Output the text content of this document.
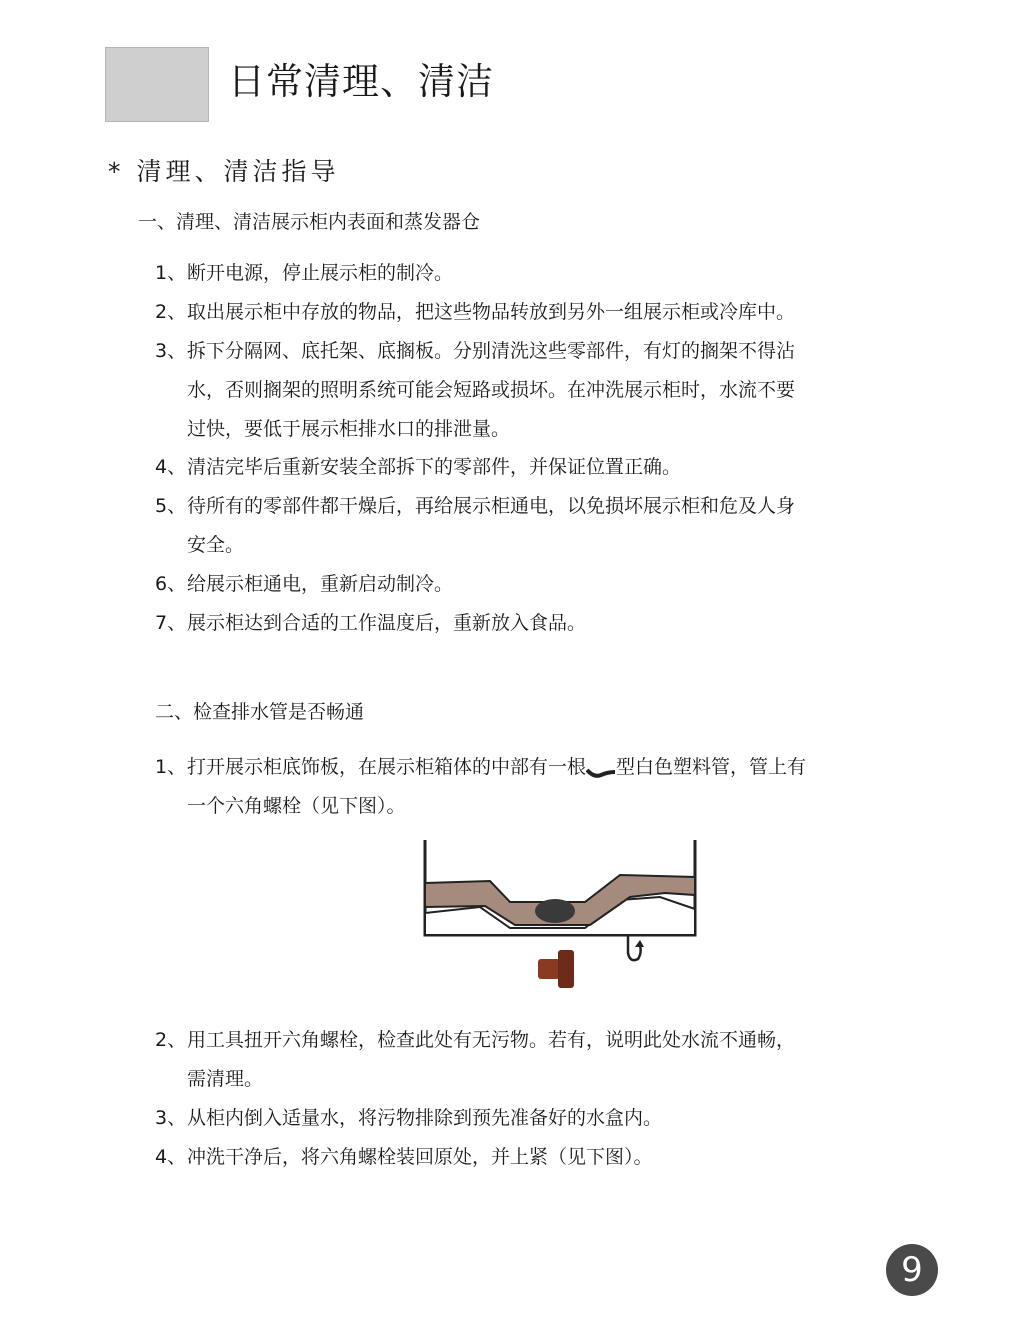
日常清理、清洁
* 清理、清洁指导
一、清理、清洁展示柜内表面和蒸发器仓
1、 断开电源，停止展示柜的制冷。
2、 取出展示柜中存放的物品，把这些物品转放到另外一组展示柜或冷库中。
3、 拆下分隔网、底托架、底搁板。分别清洗这些零部件，有灯的搁架不得沾
水，否则搁架的照明系统可能会短路或损坏。在冲洗展示柜时，水流不要
过快，要低于展示柜排水口的排泄量。
4、 清洁完毕后重新安装全部拆下的零部件，并保证位置正确。
5、 待所有的零部件都干燥后，再给展示柜通电，以免损坏展示柜和危及人身
安全。
6、 给展示柜通电，重新启动制冷。
7、 展示柜达到合适的工作温度后，重新放入食品。
二、检查排水管是否畅通
1、 打开展示柜底饰板，在展示柜箱体的中部有一根 型白色塑料管，管上有
一个六角螺栓（见下图）。
2、 用工具扭开六角螺栓，检查此处有无污物。若有，说明此处水流不通畅，
需清理。
3、 从柜内倒入适量水，将污物排除到预先准备好的水盒内。
4、 冲洗干净后，将六角螺栓装回原处，并上紧（见下图）。
9
